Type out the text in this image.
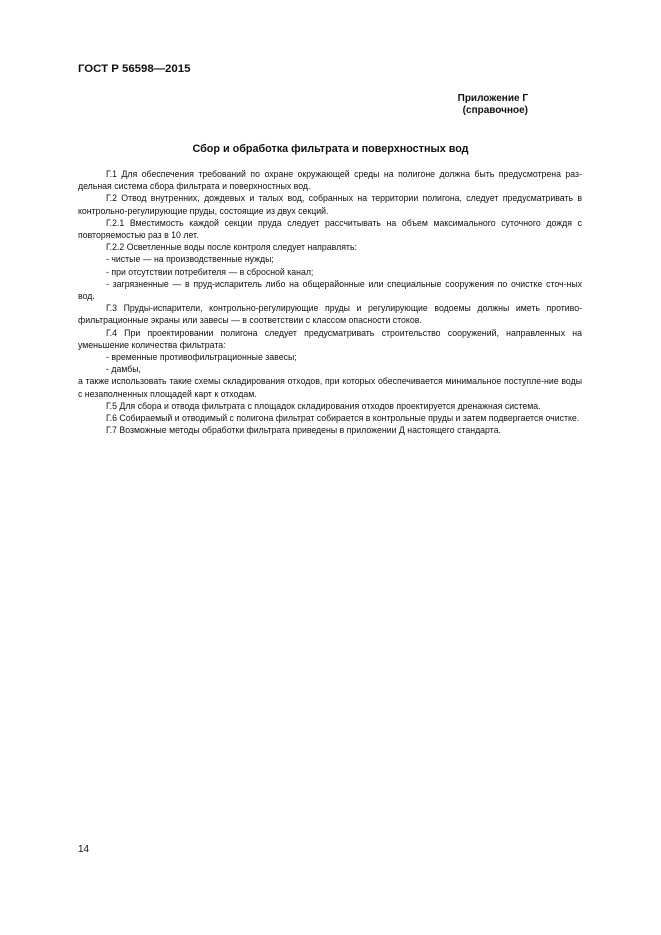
ГОСТ Р 56598—2015
Приложение Г
(справочное)
Сбор и обработка фильтрата и поверхностных вод

Г.1 Для обеспечения требований по охране окружающей среды на полигоне должна быть предусмотрена раз-дельная система сбора фильтрата и поверхностных вод.

Г.2 Отвод внутренних, дождевых и талых вод, собранных на территории полигона, следует предусматривать в контрольно-регулирующие пруды, состоящие из двух секций.

Г.2.1 Вместимость каждой секции пруда следует рассчитывать на объем максимального суточного дождя с повторяемостью раз в 10 лет.

Г.2.2 Осветленные воды после контроля следует направлять:

- чистые — на производственные нужды;

- при отсутствии потребителя — в сбросной канал;

- загрязненные — в пруд-испаритель либо на общерайонные или специальные сооружения по очистке сточ-ных вод.

Г.3 Пруды-испарители, контрольно-регулирующие пруды и регулирующие водоемы должны иметь противо-фильтрационные экраны или завесы — в соответствии с классом опасности стоков.

Г.4 При проектировании полигона следует предусматривать строительство сооружений, направленных на уменьшение количества фильтрата:

- временные противофильтрационные завесы;

- дамбы,

а также использовать такие схемы складирования отходов, при которых обеспечивается минимальное поступле-ние воды с незаполненных площадей карт к отходам.

Г.5 Для сбора и отвода фильтрата с площадок складирования отходов проектируется дренажная система.

Г.6 Собираемый и отводимый с полигона фильтрат собирается в контрольные пруды и затем подвергается очистке.

Г.7 Возможные методы обработки фильтрата приведены в приложении Д настоящего стандарта.

14
